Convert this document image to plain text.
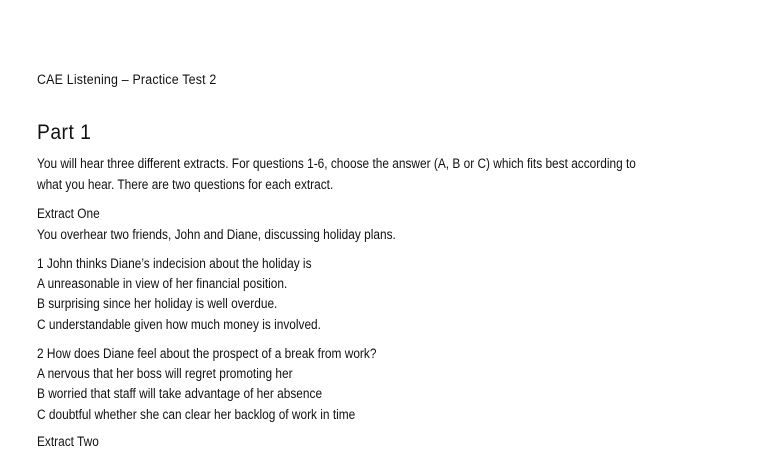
CAE Listening – Practice Test 2
Part 1
You will hear three different extracts. For questions 1-6, choose the answer (A, B or C) which fits best according to
what you hear. There are two questions for each extract.
Extract One
You overhear two friends, John and Diane, discussing holiday plans.
1 John thinks Diane’s indecision about the holiday is
A unreasonable in view of her financial position.
B surprising since her holiday is well overdue.
C understandable given how much money is involved.
2 How does Diane feel about the prospect of a break from work?
A nervous that her boss will regret promoting her
B worried that staff will take advantage of her absence
C doubtful whether she can clear her backlog of work in time
Extract Two
